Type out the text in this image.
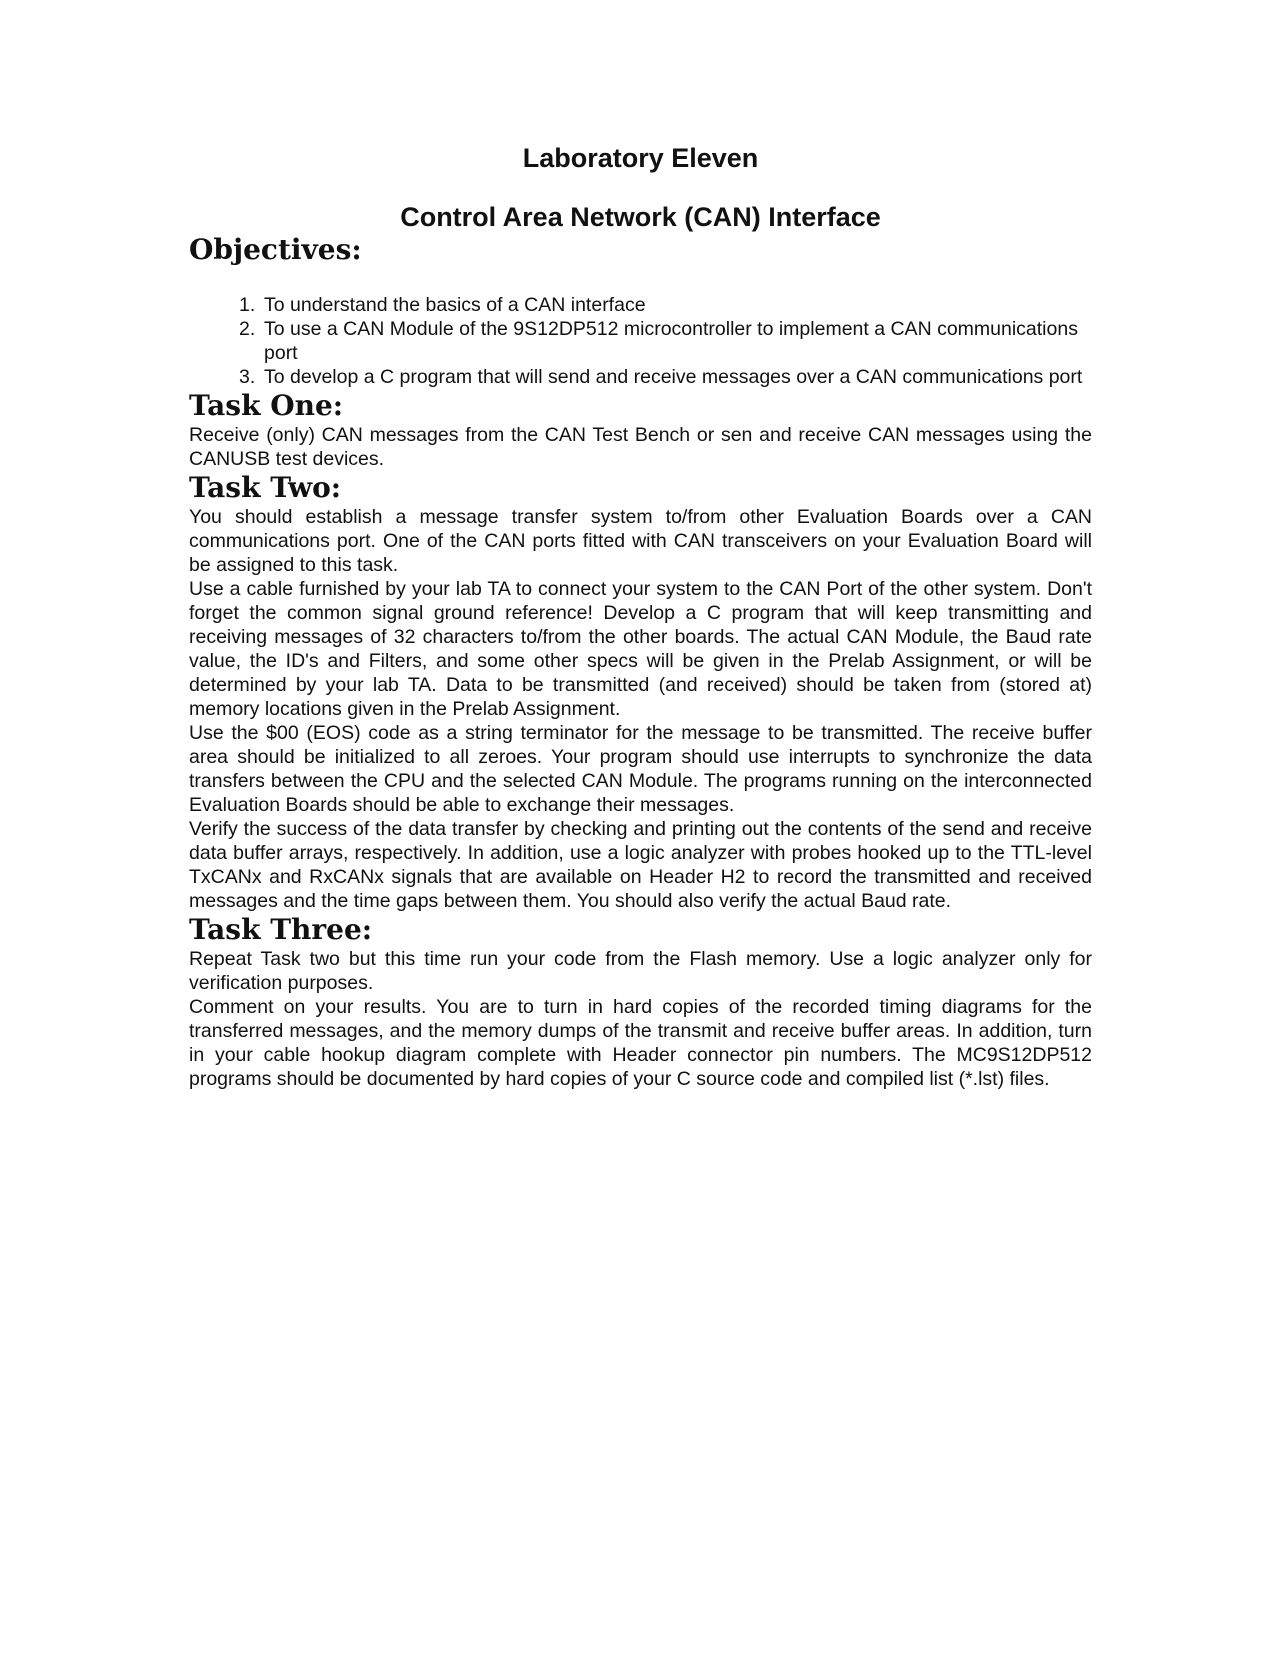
Laboratory Eleven
Control Area Network (CAN) Interface
Objectives:
1. To understand the basics of a CAN interface
2. To use a CAN Module of the 9S12DP512 microcontroller to implement a CAN communications port
3. To develop a C program that will send and receive messages over a CAN communications port
Task One:

Receive (only) CAN messages from the CAN Test Bench or sen and receive CAN messages using the CANUSB test devices.

Task Two:

You should establish a message transfer system to/from other Evaluation Boards over a CAN communications port. One of the CAN ports fitted with CAN transceivers on your Evaluation Board will be assigned to this task.

Use a cable furnished by your lab TA to connect your system to the CAN Port of the other system. Don't forget the common signal ground reference! Develop a C program that will keep transmitting and receiving messages of 32 characters to/from the other boards. The actual CAN Module, the Baud rate value, the ID's and Filters, and some other specs will be given in the Prelab Assignment, or will be determined by your lab TA. Data to be transmitted (and received) should be taken from (stored at) memory locations given in the Prelab Assignment.

Use the $00 (EOS) code as a string terminator for the message to be transmitted. The receive buffer area should be initialized to all zeroes. Your program should use interrupts to synchronize the data transfers between the CPU and the selected CAN Module. The programs running on the interconnected Evaluation Boards should be able to exchange their messages.

Verify the success of the data transfer by checking and printing out the contents of the send and receive data buffer arrays, respectively. In addition, use a logic analyzer with probes hooked up to the TTL-level TxCANx and RxCANx signals that are available on Header H2 to record the transmitted and received messages and the time gaps between them. You should also verify the actual Baud rate.

Task Three:

Repeat Task two but this time run your code from the Flash memory. Use a logic analyzer only for verification purposes.

Comment on your results. You are to turn in hard copies of the recorded timing diagrams for the transferred messages, and the memory dumps of the transmit and receive buffer areas. In addition, turn in your cable hookup diagram complete with Header connector pin numbers. The MC9S12DP512 programs should be documented by hard copies of your C source code and compiled list (*.lst) files.
